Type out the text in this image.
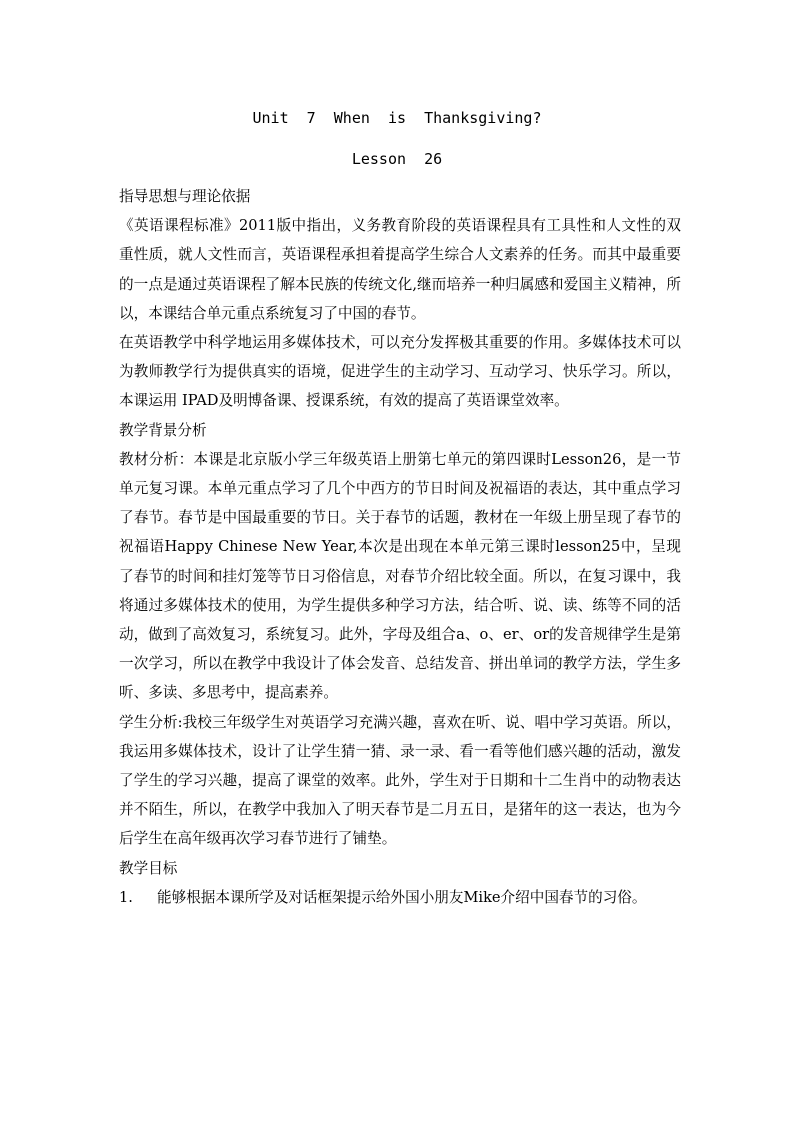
Unit  7  When  is  Thanksgiving?
Lesson  26

指导思想与理论依据

《英语课程标准》2011版中指出，义务教育阶段的英语课程具有工具性和人文性的双重性质，就人文性而言，英语课程承担着提高学生综合人文素养的任务。而其中最重要的一点是通过英语课程了解本民族的传统文化,继而培养一种归属感和爱国主义精神，所以，本课结合单元重点系统复习了中国的春节。

在英语教学中科学地运用多媒体技术，可以充分发挥极其重要的作用。多媒体技术可以为教师教学行为提供真实的语境，促进学生的主动学习、互动学习、快乐学习。所以，本课运用 IPAD及明博备课、授课系统，有效的提高了英语课堂效率。

教学背景分析

教材分析：本课是北京版小学三年级英语上册第七单元的第四课时Lesson26，是一节单元复习课。本单元重点学习了几个中西方的节日时间及祝福语的表达，其中重点学习了春节。春节是中国最重要的节日。关于春节的话题，教材在一年级上册呈现了春节的祝福语Happy Chinese New Year,本次是出现在本单元第三课时lesson25中，呈现了春节的时间和挂灯笼等节日习俗信息，对春节介绍比较全面。所以，在复习课中，我将通过多媒体技术的使用，为学生提供多种学习方法，结合听、说、读、练等不同的活动，做到了高效复习，系统复习。此外，字母及组合a、o、er、or的发音规律学生是第一次学习，所以在教学中我设计了体会发音、总结发音、拼出单词的教学方法，学生多听、多读、多思考中，提高素养。

学生分析:我校三年级学生对英语学习充满兴趣，喜欢在听、说、唱中学习英语。所以，我运用多媒体技术，设计了让学生猜一猜、录一录、看一看等他们感兴趣的活动，激发了学生的学习兴趣，提高了课堂的效率。此外，学生对于日期和十二生肖中的动物表达并不陌生，所以，在教学中我加入了明天春节是二月五日，是猪年的这一表达，也为今后学生在高年级再次学习春节进行了铺垫。

教学目标

1.	能够根据本课所学及对话框架提示给外国小朋友Mike介绍中国春节的习俗。
